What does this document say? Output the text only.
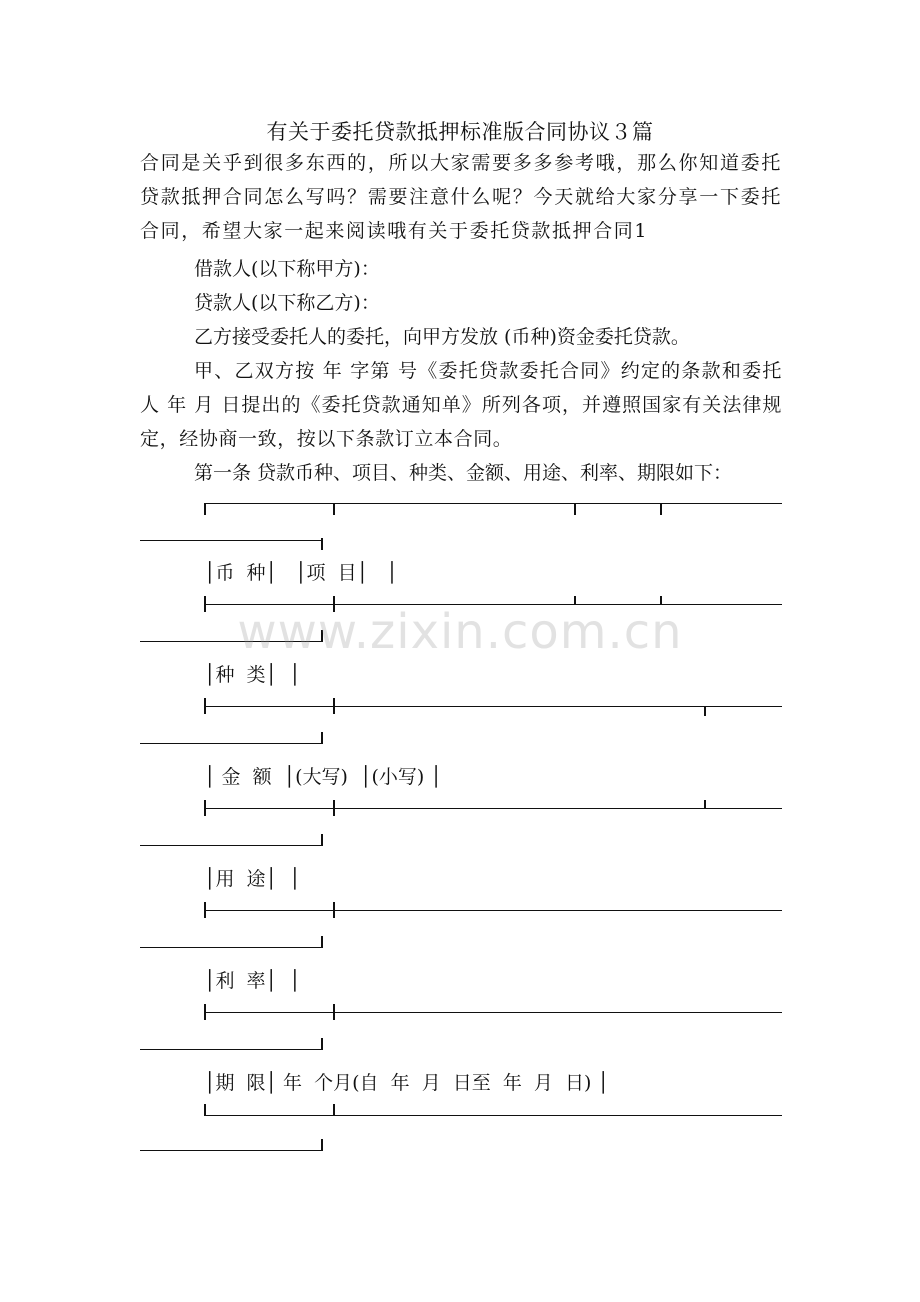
有关于委托贷款抵押标准版合同协议３篇
合同是关乎到很多东西的，所以大家需要多多参考哦，那么你知道委托贷款抵押合同怎么写吗？需要注意什么呢？今天就给大家分享一下委托合同，希望大家一起来阅读哦有关于委托贷款抵押合同1
借款人(以下称甲方)：
贷款人(以下称乙方)：
乙方接受委托人的委托，向甲方发放 (币种)资金委托贷款。
甲、乙双方按 年 字第 号《委托贷款委托合同》约定的条款和委托人 年 月 日提出的《委托贷款通知单》所列各项，并遵照国家有关法律规定，经协商一致，按以下条款订立本合同。
第一条 贷款币种、项目、种类、金额、用途、利率、期限如下：
│币  种│   │项  目│   │
│种  类│  │
│ 金  额  │(大写)  │(小写) │
│用  途│  │
│利  率│  │
│期  限│ 年  个月(自  年  月  日至  年  月  日) │
www.zixin.com.cn
